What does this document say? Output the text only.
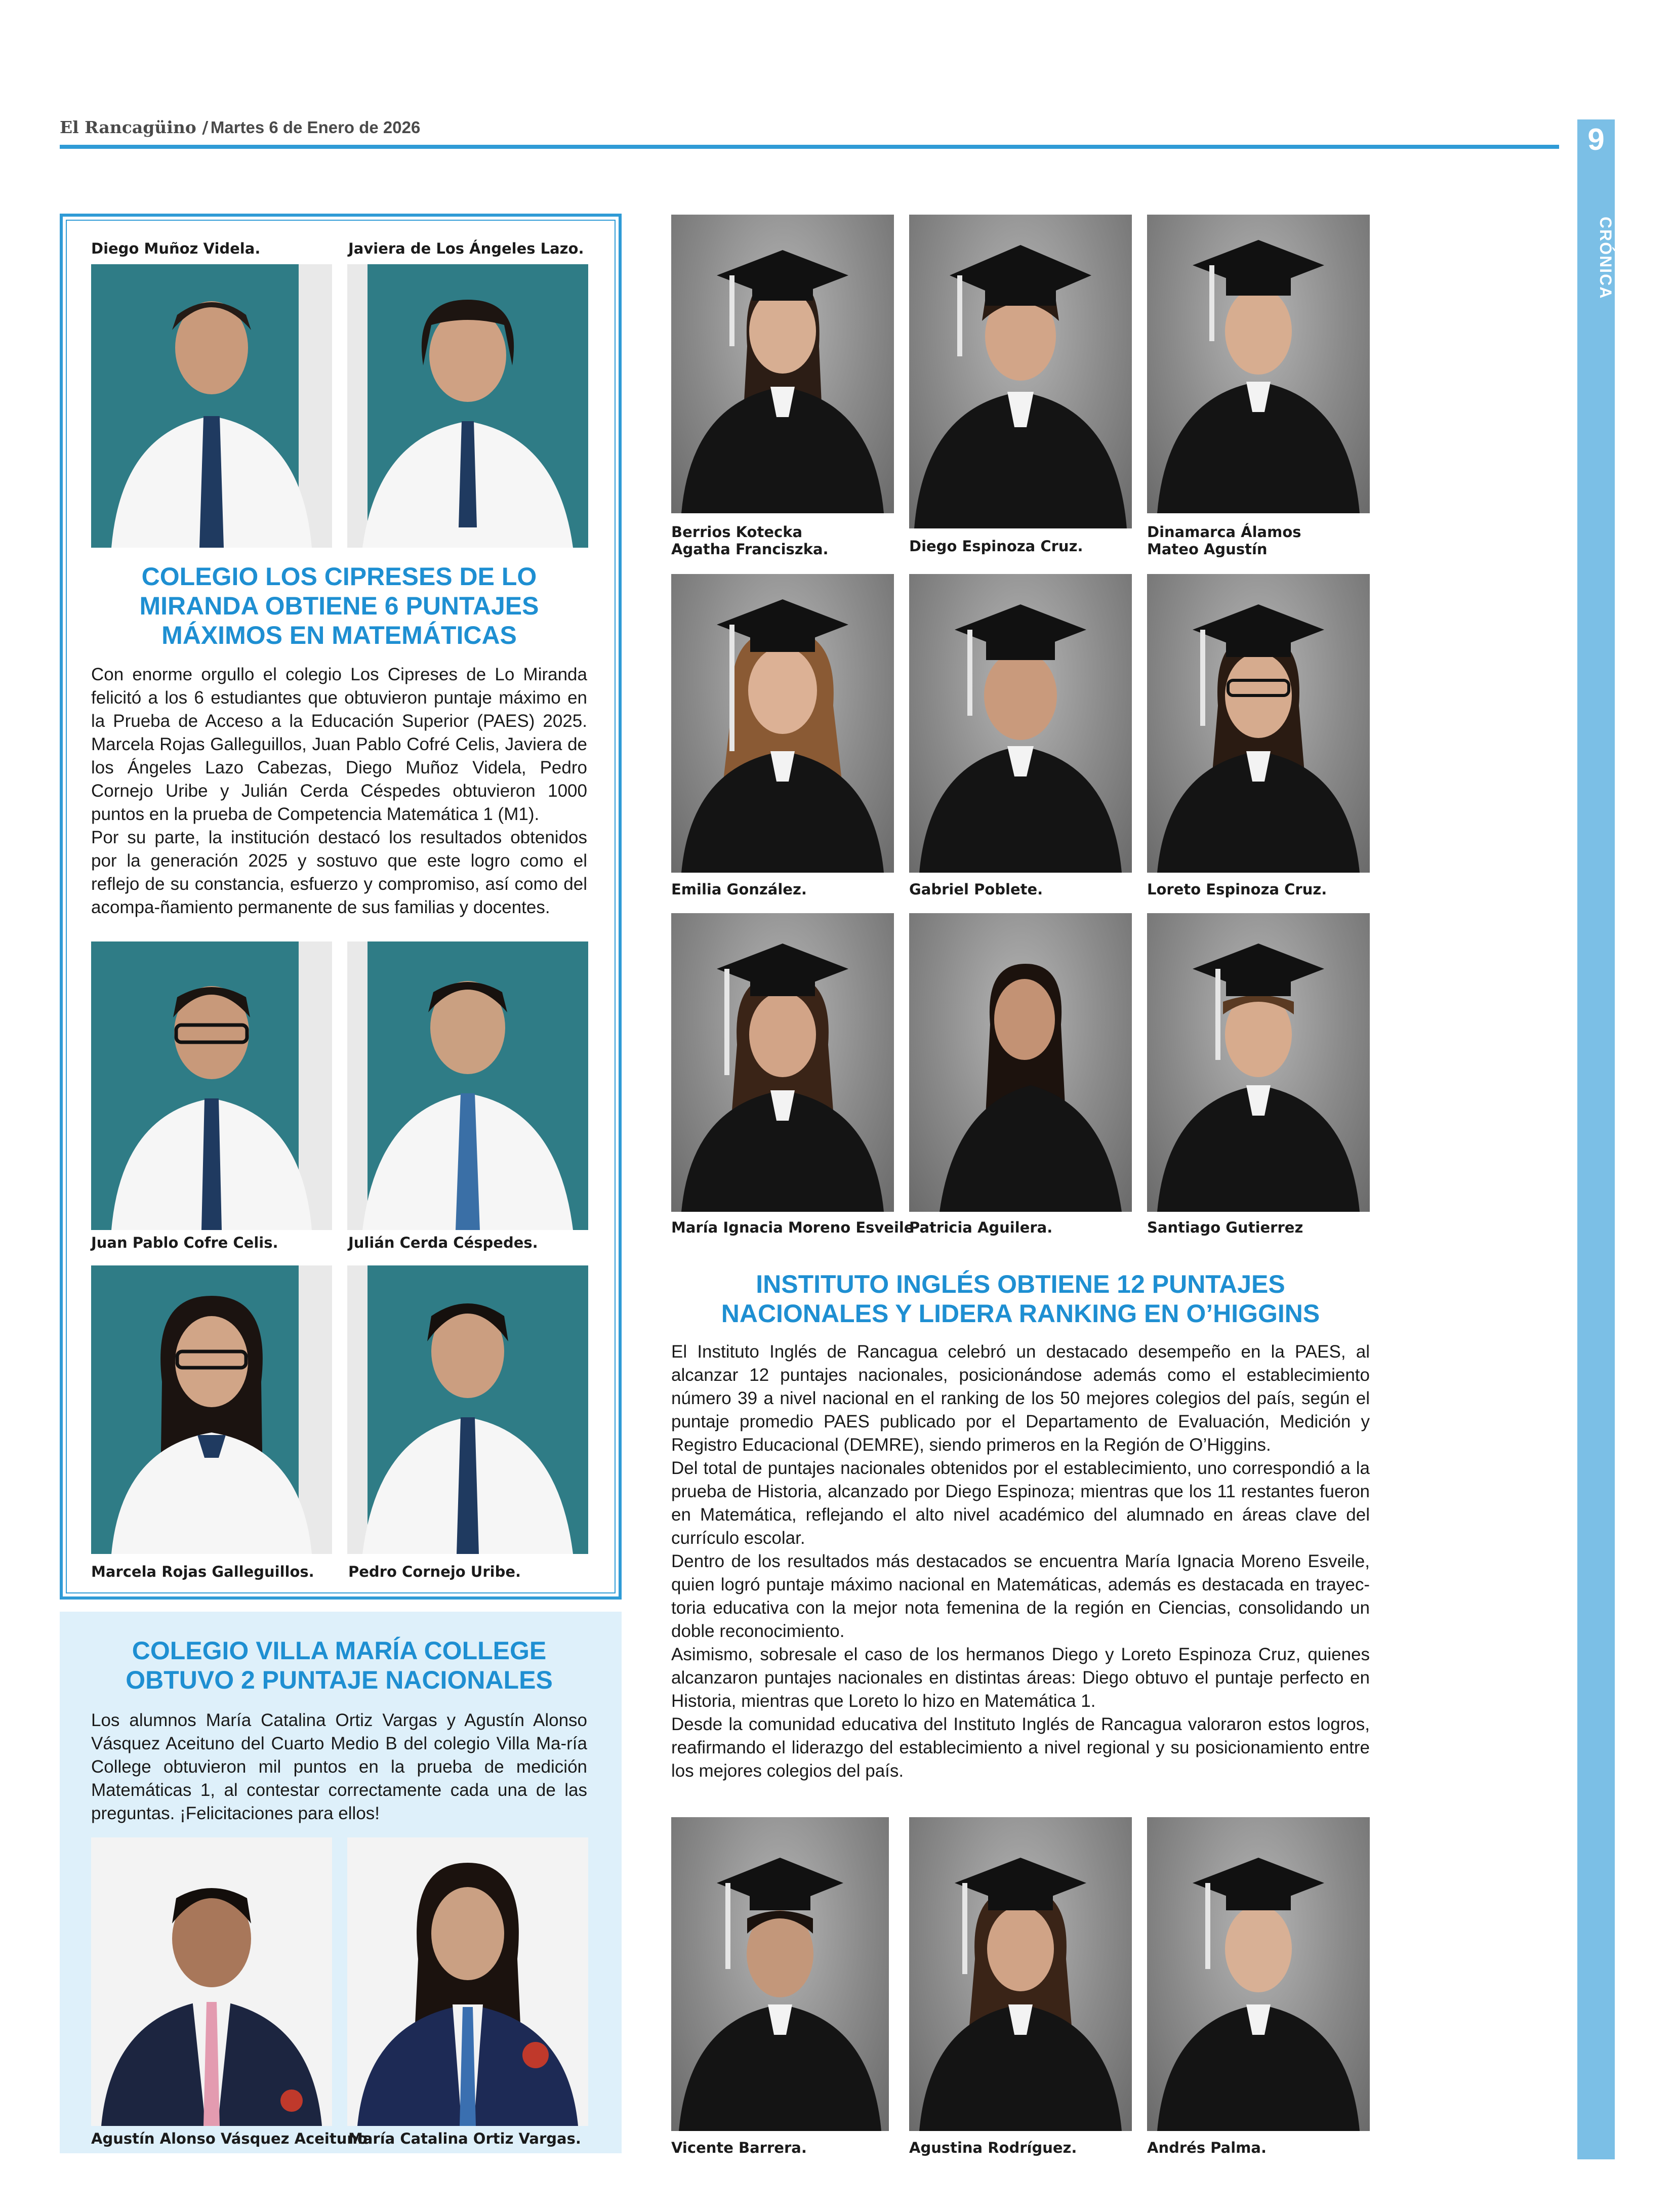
El Rancagüino / Martes 6 de Enero de 2026	9
CRÓNICA
Diego Muñoz Videla.	Javiera de Los Ángeles Lazo.
COLEGIO LOS CIPRESES DE LO MIRANDA OBTIENE 6 PUNTAJES MÁXIMOS EN MATEMÁTICAS

Con enorme orgullo el colegio Los Cipreses de Lo Miranda felicitó a los 6 estudiantes que obtuvieron puntaje máximo en la Prueba de Acceso a la Educación Superior (PAES) 2025. Marcela Rojas Galleguillos, Juan Pablo Cofré Celis, Javiera de los Ángeles Lazo Cabezas, Diego Muñoz Videla, Pedro Cornejo Uribe y Julián Cerda Céspedes obtuvieron 1000 puntos en la prueba de Competencia Matemática 1 (M1).

Por su parte, la institución destacó los resultados obtenidos por la generación 2025 y sostuvo que este logro como el reflejo de su constancia, esfuerzo y compromiso, así como del acompa-ñamiento permanente de sus familias y docentes.

Juan Pablo Cofre Celis.	Julián Cerda Céspedes.
Marcela Rojas Galleguillos. Pedro Cornejo Uribe.
COLEGIO VILLA MARÍA COLLEGE OBTUVO 2 PUNTAJE NACIONALES
Los alumnos María Catalina Ortiz Vargas y Agustín Alonso Vásquez Aceituno del Cuarto Medio B del colegio Villa Ma-ría College obtuvieron mil puntos en la prueba de medición Matemáticas 1, al contestar correctamente cada una de las preguntas. ¡Felicitaciones para ellos!
Agustín Alonso Vásquez Aceituno
María Catalina Ortiz Vargas.
Berrios Kotecka
Agatha Franciszka.	Diego Espinoza Cruz.
Dinamarca Álamos
Mateo Agustín
Emilia González.	Gabriel Poblete.	Loreto Espinoza Cruz.
María Ignacia Moreno Esveile
Patricia Aguilera.	Santiago Gutierrez
INSTITUTO INGLÉS OBTIENE 12 PUNTAJES NACIONALES Y LIDERA RANKING EN O’HIGGINS

El Instituto Inglés de Rancagua celebró un destacado desempeño en la PAES, al alcanzar 12 puntajes nacionales, posicionándose además como el establecimiento número 39 a nivel nacional en el ranking de los 50 mejores colegios del país, según el puntaje promedio PAES publicado por el Departamento de Evaluación, Medición y Registro Educacional (DEMRE), siendo primeros en la Región de O’Higgins.

Del total de puntajes nacionales obtenidos por el establecimiento, uno correspondió a la prueba de Historia, alcanzado por Diego Espinoza; mientras que los 11 restantes fueron en Matemática, reflejando el alto nivel académico del alumnado en áreas clave del currículo escolar.

Dentro de los resultados más destacados se encuentra María Ignacia Moreno Esveile, quien logró puntaje máximo nacional en Matemáticas, además es destacada en trayec-toria educativa con la mejor nota femenina de la región en Ciencias, consolidando un doble reconocimiento.

Asimismo, sobresale el caso de los hermanos Diego y Loreto Espinoza Cruz, quienes alcanzaron puntajes nacionales en distintas áreas: Diego obtuvo el puntaje perfecto en Historia, mientras que Loreto lo hizo en Matemática 1.

Desde la comunidad educativa del Instituto Inglés de Rancagua valoraron estos logros, reafirmando el liderazgo del establecimiento a nivel regional y su posicionamiento entre los mejores colegios del país.

Vicente Barrera.	Agustina Rodríguez.	Andrés Palma.
